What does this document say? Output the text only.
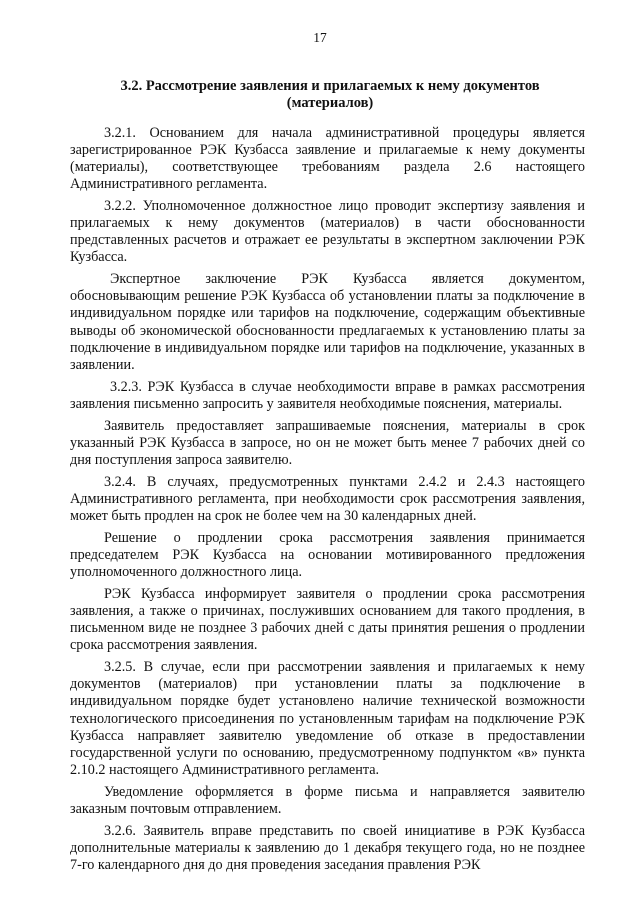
17
3.2. Рассмотрение заявления и прилагаемых к нему документов (материалов)

3.2.1. Основанием для начала административной процедуры является зарегистрированное РЭК Кузбасса заявление и прилагаемые к нему документы (материалы), соответствующее требованиям раздела 2.6 настоящего Административного регламента.

3.2.2. Уполномоченное должностное лицо проводит экспертизу заявления и прилагаемых к нему документов (материалов) в части обоснованности представленных расчетов и отражает ее результаты в экспертном заключении РЭК Кузбасса.

Экспертное заключение РЭК Кузбасса является документом, обосновывающим решение РЭК Кузбасса об установлении платы за подключение в индивидуальном порядке или тарифов на подключение, содержащим объективные выводы об экономической обоснованности предлагаемых к установлению платы за подключение в индивидуальном порядке или тарифов на подключение, указанных в заявлении.

3.2.3. РЭК Кузбасса в случае необходимости вправе в рамках рассмотрения заявления письменно запросить у заявителя необходимые пояснения, материалы.

Заявитель предоставляет запрашиваемые пояснения, материалы в срок указанный РЭК Кузбасса в запросе, но он не может быть менее 7 рабочих дней со дня поступления запроса заявителю.

3.2.4. В случаях, предусмотренных пунктами 2.4.2 и 2.4.3 настоящего Административного регламента, при необходимости срок рассмотрения заявления, может быть продлен на срок не более чем на 30 календарных дней.

Решение о продлении срока рассмотрения заявления принимается председателем РЭК Кузбасса на основании мотивированного предложения уполномоченного должностного лица.

РЭК Кузбасса информирует заявителя о продлении срока рассмотрения заявления, а также о причинах, послуживших основанием для такого продления, в письменном виде не позднее 3 рабочих дней с даты принятия решения о продлении срока рассмотрения заявления.

3.2.5. В случае, если при рассмотрении заявления и прилагаемых к нему документов (материалов) при установлении платы за подключение в индивидуальном порядке будет установлено наличие технической возможности технологического присоединения по установленным тарифам на подключение РЭК Кузбасса направляет заявителю уведомление об отказе в предоставлении государственной услуги по основанию, предусмотренному подпунктом «в» пункта 2.10.2 настоящего Административного регламента.

Уведомление оформляется в форме письма и направляется заявителю заказным почтовым отправлением.

3.2.6. Заявитель вправе представить по своей инициативе в РЭК Кузбасса дополнительные материалы к заявлению до 1 декабря текущего года, но не позднее 7-го календарного дня до дня проведения заседания правления РЭК
